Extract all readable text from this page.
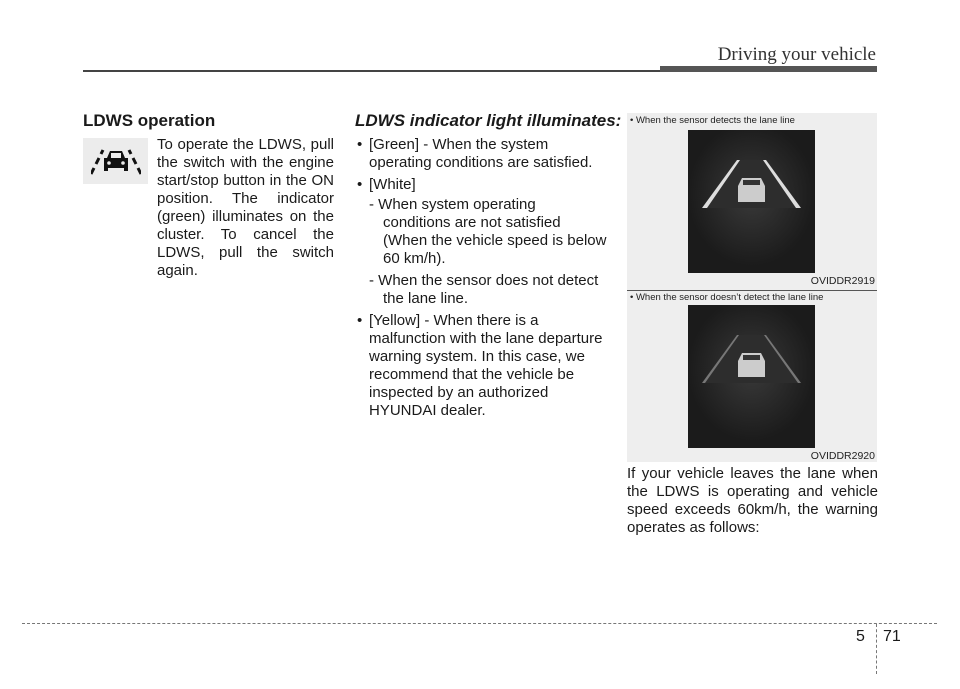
Driving your vehicle
LDWS operation
To operate the LDWS, pull the switch with the engine start/stop button in the ON position. The indicator (green) illuminates on the cluster. To cancel the LDWS, pull the switch again.
LDWS indicator light illuminates:
• [Green] - When the system operating conditions are satisfied.
• [White]
- When system operating conditions are not satisfied (When the vehicle speed is below 60 km/h).
- When the sensor does not detect the lane line.
• [Yellow] - When there is a malfunction with the lane departure warning system. In this case, we recommend that the vehicle be inspected by an authorized HYUNDAI dealer.
• When the sensor detects the lane line
OVIDDR2919
• When the sensor doesn’t detect the lane line
OVIDDR2920
If your vehicle leaves the lane when the LDWS is operating and vehicle speed exceeds 60km/h, the warning operates as follows:
5 71
